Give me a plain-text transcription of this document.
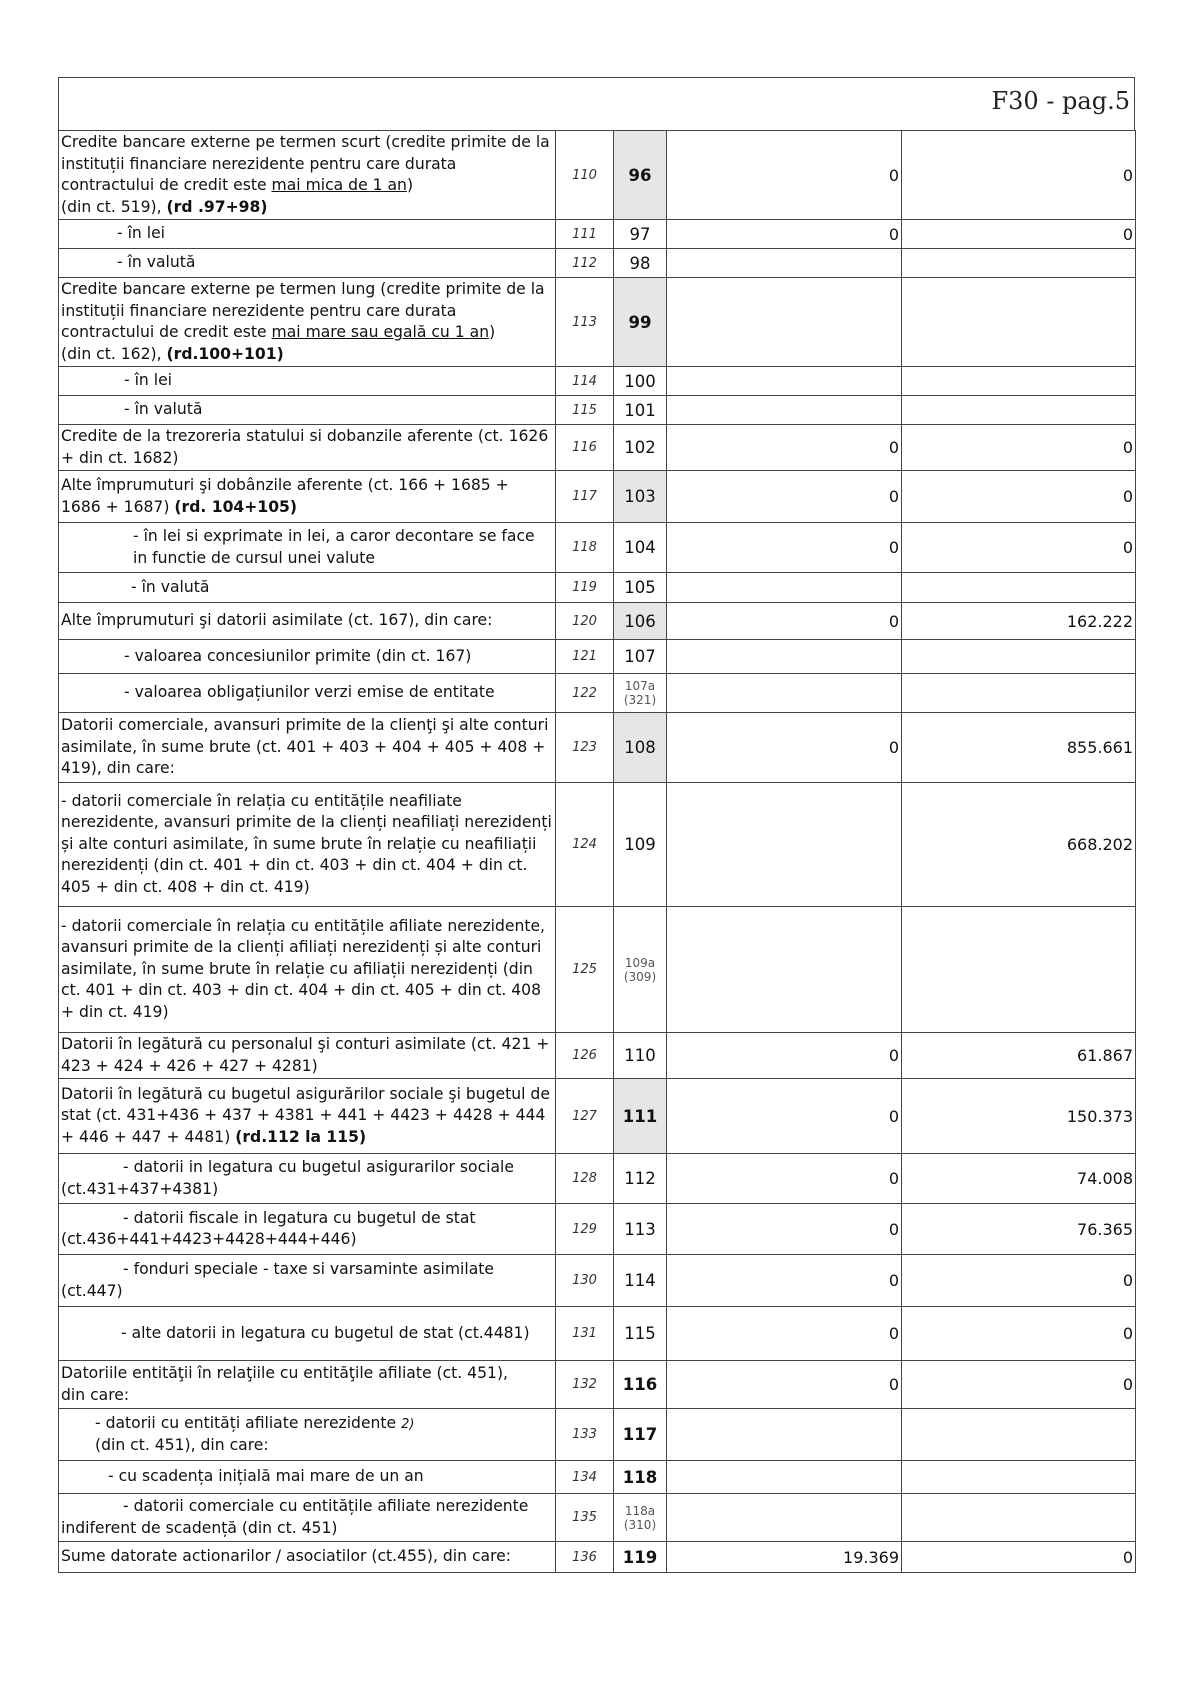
F30 - pag.5
Credite bancare externe pe termen scurt (credite primite de la instituții financiare nerezidente pentru care durata contractului de credit este mai mica de 1 an)
(din ct. 519), (rd .97+98)	110	96	0	0
- în lei	111	97	0	0
- în valută	112	98		
Credite bancare externe pe termen lung (credite primite de la instituții financiare nerezidente pentru care durata contractului de credit este mai mare sau egală cu 1 an)
(din ct. 162), (rd.100+101)	113	99		
- în lei	114	100		
- în valută	115	101		
Credite de la trezoreria statului si dobanzile aferente (ct. 1626 + din ct. 1682)	116	102	0	0
Alte împrumuturi şi dobânzile aferente (ct. 166 + 1685 + 1686 + 1687) (rd. 104+105)	117	103	0	0

- în lei si exprimate in lei, a caror decontare se face in functie de cursul unei valute	118	104	0	0
- în valută	119	105		
Alte împrumuturi şi datorii asimilate (ct. 167), din care:	120	106	0	162.222
- valoarea concesiunilor primite (din ct. 167)	121	107		
- valoarea obligațiunilor verzi emise de entitate	122	107a
(321)		
Datorii comerciale, avansuri primite de la clienţi şi alte conturi asimilate, în sume brute (ct. 401 + 403 + 404 + 405 + 408 + 419), din care:	123	108	0	855.661
- datorii comerciale în relația cu entitățile neafiliate nerezidente, avansuri primite de la clienți neafiliați nerezidenți și alte conturi asimilate, în sume brute în relație cu neafiliații nerezidenți (din ct. 401 + din ct. 403 + din ct. 404 + din ct. 405 + din ct. 408 + din ct. 419)	124	109		668.202
- datorii comerciale în relația cu entitățile afiliate nerezidente, avansuri primite de la clienți afiliați nerezidenți și alte conturi asimilate, în sume brute în relație cu afiliații nerezidenți (din ct. 401 + din ct. 403 + din ct. 404 + din ct. 405 + din ct. 408 + din ct. 419)	125	109a
(309)		
Datorii în legătură cu personalul şi conturi asimilate (ct. 421 + 423 + 424 + 426 + 427 + 4281)	126	110	0	61.867
Datorii în legătură cu bugetul asigurărilor sociale şi bugetul de stat (ct. 431+436 + 437 + 4381 + 441 + 4423 + 4428 + 444 + 446 + 447 + 4481) (rd.112 la 115)	127	111	0	150.373

- datorii in legatura cu bugetul asigurarilor sociale
(ct.431+437+4381)	128	112	0	74.008

- datorii fiscale in legatura cu bugetul de stat
(ct.436+441+4423+4428+444+446)	129	113	0	76.365

- fonduri speciale - taxe si varsaminte asimilate
(ct.447)	130	114	0	0
- alte datorii in legatura cu bugetul de stat (ct.4481)	131	115	0	0
Datoriile entităţii în relaţiile cu entităţile afiliate (ct. 451),
din care:	132	116	0	0

- datorii cu entități afiliate nerezidente 2)
(din ct. 451), din care:	133	117		
- cu scadența inițială mai mare de un an	134	118		

- datorii comerciale cu entitățile afiliate nerezidente indiferent de scadență (din ct. 451)	135	118a
(310)		
Sume datorate actionarilor / asociatilor (ct.455), din care:	136	119	19.369	0
